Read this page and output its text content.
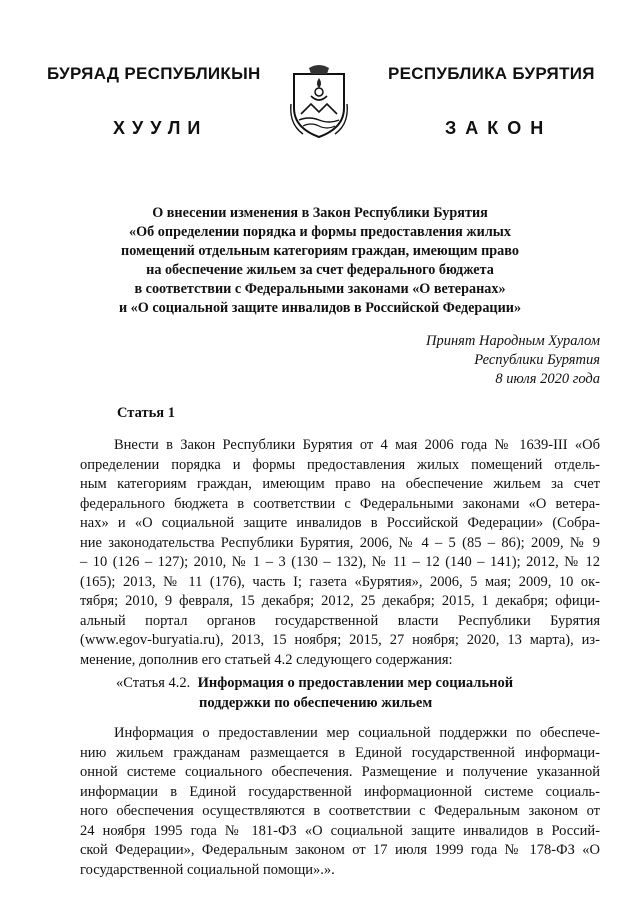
БУРЯАД РЕСПУБЛИКЫН	РЕСПУБЛИКА БУРЯТИЯ
ХУУЛИ	ЗАКОН
О внесении изменения в Закон Республики Бурятия
«Об определении порядка и формы предоставления жилых
помещений отдельным категориям граждан, имеющим право
на обеспечение жильем за счет федерального бюджета
в соответствии с Федеральными законами «О ветеранах»
и «О социальной защите инвалидов в Российской Федерации»
Принят Народным Хуралом
Республики Бурятия
8 июля 2020 года
Статья 1
Внести в Закон Республики Бурятия от 4 мая 2006 года № 1639-III «Об
определении порядка и формы предоставления жилых помещений отдель-
ным категориям граждан, имеющим право на обеспечение жильем за счет
федерального бюджета в соответствии с Федеральными законами «О ветера-
нах» и «О социальной защите инвалидов в Российской Федерации» (Собра-
ние законодательства Республики Бурятия, 2006, № 4 – 5 (85 – 86); 2009, № 9
– 10 (126 – 127); 2010, № 1 – 3 (130 – 132), № 11 – 12 (140 – 141); 2012, № 12
(165); 2013, № 11 (176), часть I; газета «Бурятия», 2006, 5 мая; 2009, 10 ок-
тября; 2010, 9 февраля, 15 декабря; 2012, 25 декабря; 2015, 1 декабря; офици-
альный портал органов государственной власти Республики Бурятия
(www.egov-buryatia.ru), 2013, 15 ноября; 2015, 27 ноября; 2020, 13 марта), из-
менение, дополнив его статьей 4.2 следующего содержания:
«Статья 4.2. Информация о предоставлении мер социальной
поддержки по обеспечению жильем
Информация о предоставлении мер социальной поддержки по обеспече-
нию жильем гражданам размещается в Единой государственной информаци-
онной системе социального обеспечения. Размещение и получение указанной
информации в Единой государственной информационной системе социаль-
ного обеспечения осуществляются в соответствии с Федеральным законом от
24 ноября 1995 года № 181-ФЗ «О социальной защите инвалидов в Россий-
ской Федерации», Федеральным законом от 17 июля 1999 года № 178-ФЗ «О
государственной социальной помощи».».
